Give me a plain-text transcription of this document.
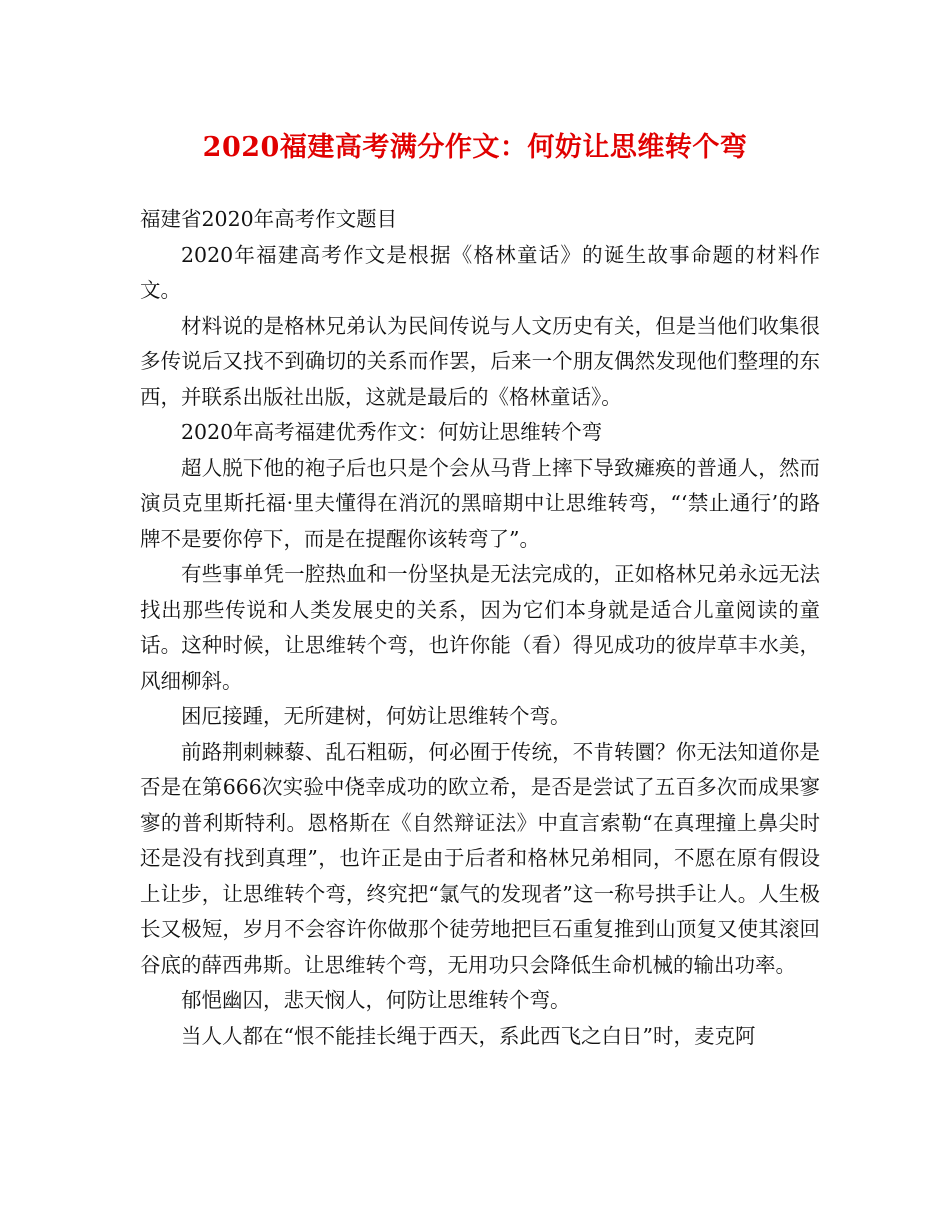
2020福建高考满分作文：何妨让思维转个弯

福建省2020年高考作文题目

2020年福建高考作文是根据《格林童话》的诞生故事命题的材料作文。

材料说的是格林兄弟认为民间传说与人文历史有关，但是当他们收集很多传说后又找不到确切的关系而作罢，后来一个朋友偶然发现他们整理的东西，并联系出版社出版，这就是最后的《格林童话》。

2020年高考福建优秀作文：何妨让思维转个弯

超人脱下他的袍子后也只是个会从马背上摔下导致瘫痪的普通人，然而演员克里斯托福·里夫懂得在消沉的黑暗期中让思维转弯，“‘禁止通行’的路牌不是要你停下，而是在提醒你该转弯了”。

有些事单凭一腔热血和一份坚执是无法完成的，正如格林兄弟永远无法找出那些传说和人类发展史的关系，因为它们本身就是适合儿童阅读的童话。这种时候，让思维转个弯，也许你能（看）得见成功的彼岸草丰水美，风细柳斜。

困厄接踵，无所建树，何妨让思维转个弯。

前路荆刺棘藜、乱石粗砺，何必囿于传统，不肯转圜？你无法知道你是否是在第666次实验中侥幸成功的欧立希，是否是尝试了五百多次而成果寥寥的普利斯特利。恩格斯在《自然辩证法》中直言索勒“在真理撞上鼻尖时还是没有找到真理”，也许正是由于后者和格林兄弟相同，不愿在原有假设上让步，让思维转个弯，终究把“氯气的发现者”这一称号拱手让人。人生极长又极短，岁月不会容许你做那个徒劳地把巨石重复推到山顶复又使其滚回谷底的薛西弗斯。让思维转个弯，无用功只会降低生命机械的输出功率。

郁悒幽囚，悲天悯人，何防让思维转个弯。

当人人都在“恨不能挂长绳于西天，系此西飞之白日”时，麦克阿
